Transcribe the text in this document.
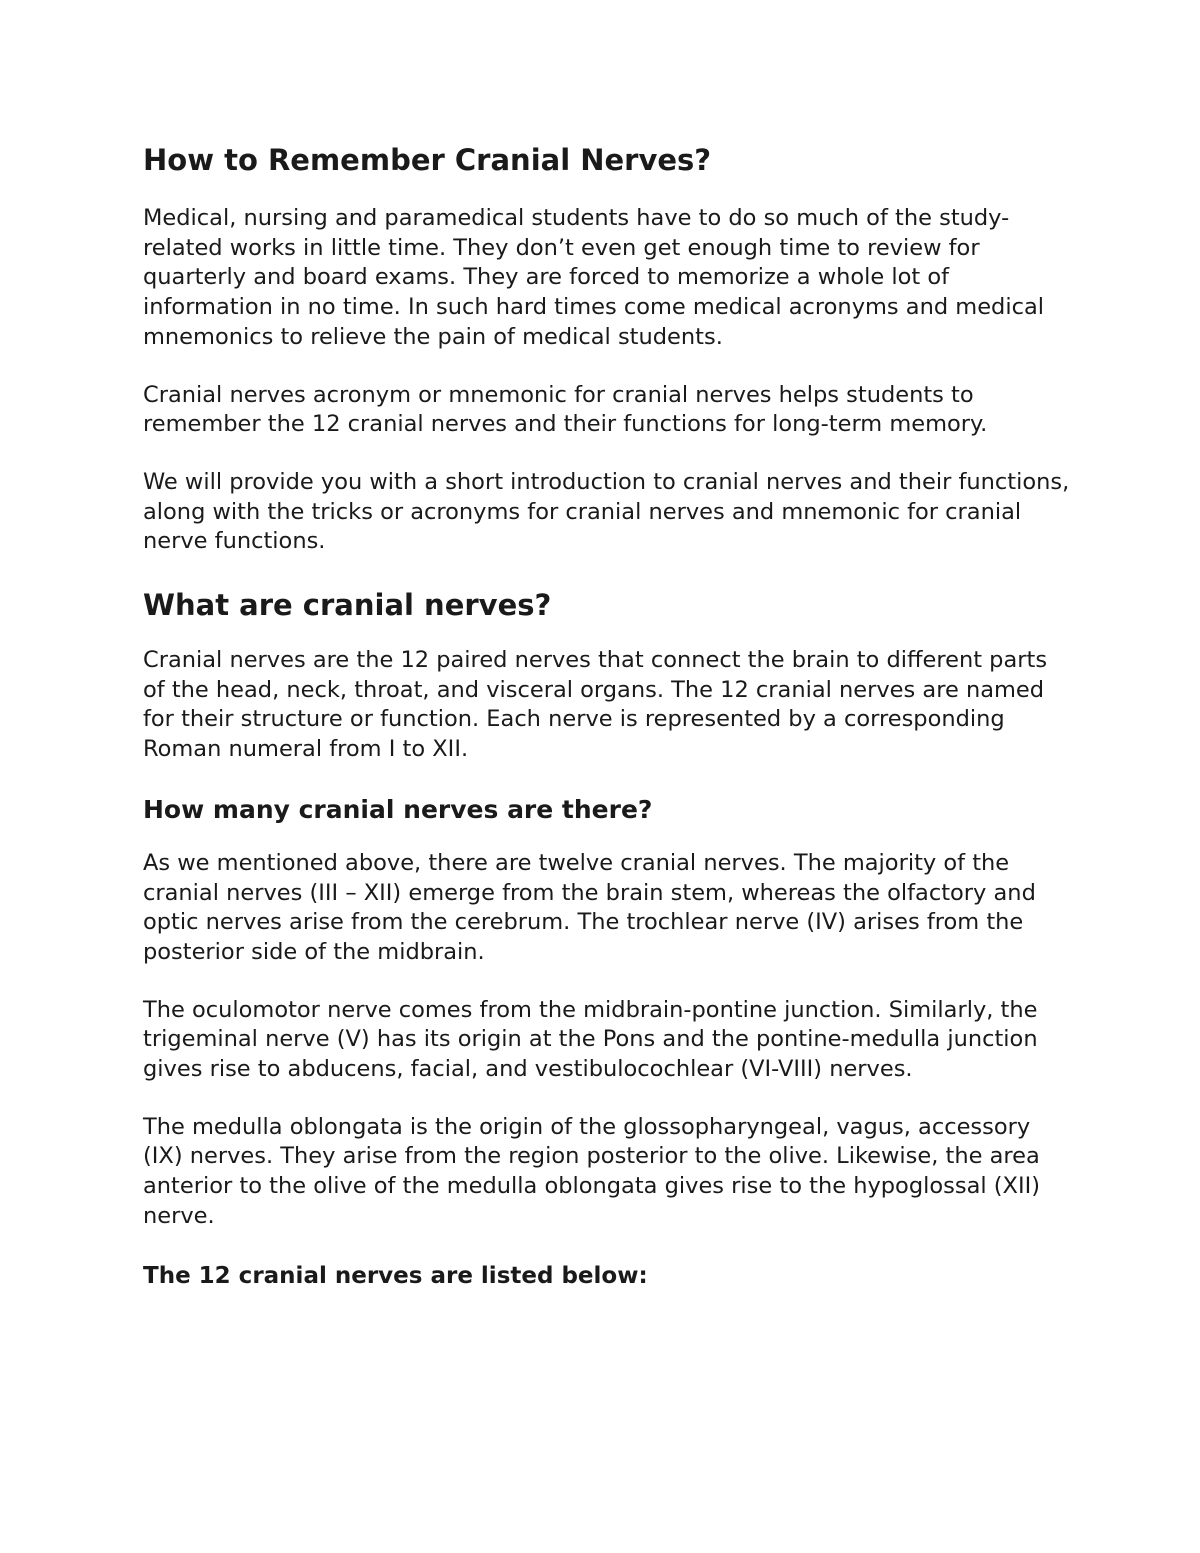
How to Remember Cranial Nerves?

Medical, nursing and paramedical students have to do so much of the study-related works in little time. They don’t even get enough time to review for quarterly and board exams. They are forced to memorize a whole lot of information in no time. In such hard times come medical acronyms and medical mnemonics to relieve the pain of medical students.

Cranial nerves acronym or mnemonic for cranial nerves helps students to remember the 12 cranial nerves and their functions for long-term memory.

We will provide you with a short introduction to cranial nerves and their functions, along with the tricks or acronyms for cranial nerves and mnemonic for cranial nerve functions.

What are cranial nerves?

Cranial nerves are the 12 paired nerves that connect the brain to different parts of the head, neck, throat, and visceral organs. The 12 cranial nerves are named for their structure or function. Each nerve is represented by a corresponding Roman numeral from I to XII.

How many cranial nerves are there?

As we mentioned above, there are twelve cranial nerves. The majority of the cranial nerves (III – XII) emerge from the brain stem, whereas the olfactory and optic nerves arise from the cerebrum. The trochlear nerve (IV) arises from the posterior side of the midbrain.

The oculomotor nerve comes from the midbrain-pontine junction. Similarly, the trigeminal nerve (V) has its origin at the Pons and the pontine-medulla junction gives rise to abducens, facial, and vestibulocochlear (VI-VIII) nerves.

The medulla oblongata is the origin of the glossopharyngeal, vagus, accessory (IX) nerves. They arise from the region posterior to the olive. Likewise, the area anterior to the olive of the medulla oblongata gives rise to the hypoglossal (XII) nerve.

The 12 cranial nerves are listed below:
